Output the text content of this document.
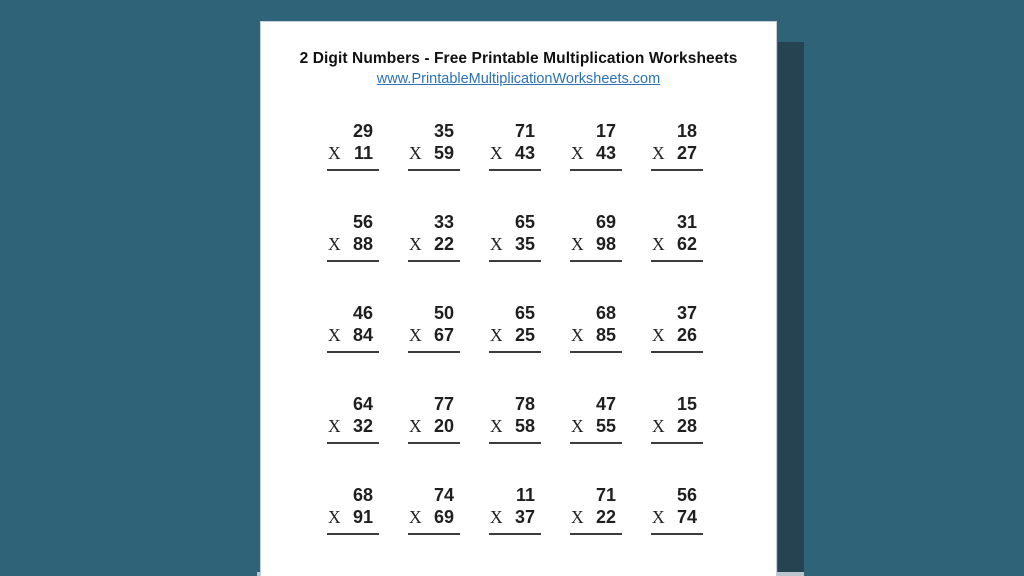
2 Digit Numbers - Free Printable Multiplication Worksheets
www.PrintableMultiplicationWorksheets.com
29
X 11
35
X 59
71
X 43
17
X 43
18
X 27
56
X 88
33
X 22
65
X 35
69
X 98
31
X 62
46
X 84
50
X 67
65
X 25
68
X 85
37
X 26
64
X 32
77
X 20
78
X 58
47
X 55
15
X 28
68
X 91
74
X 69
11
X 37
71
X 22
56
X 74
